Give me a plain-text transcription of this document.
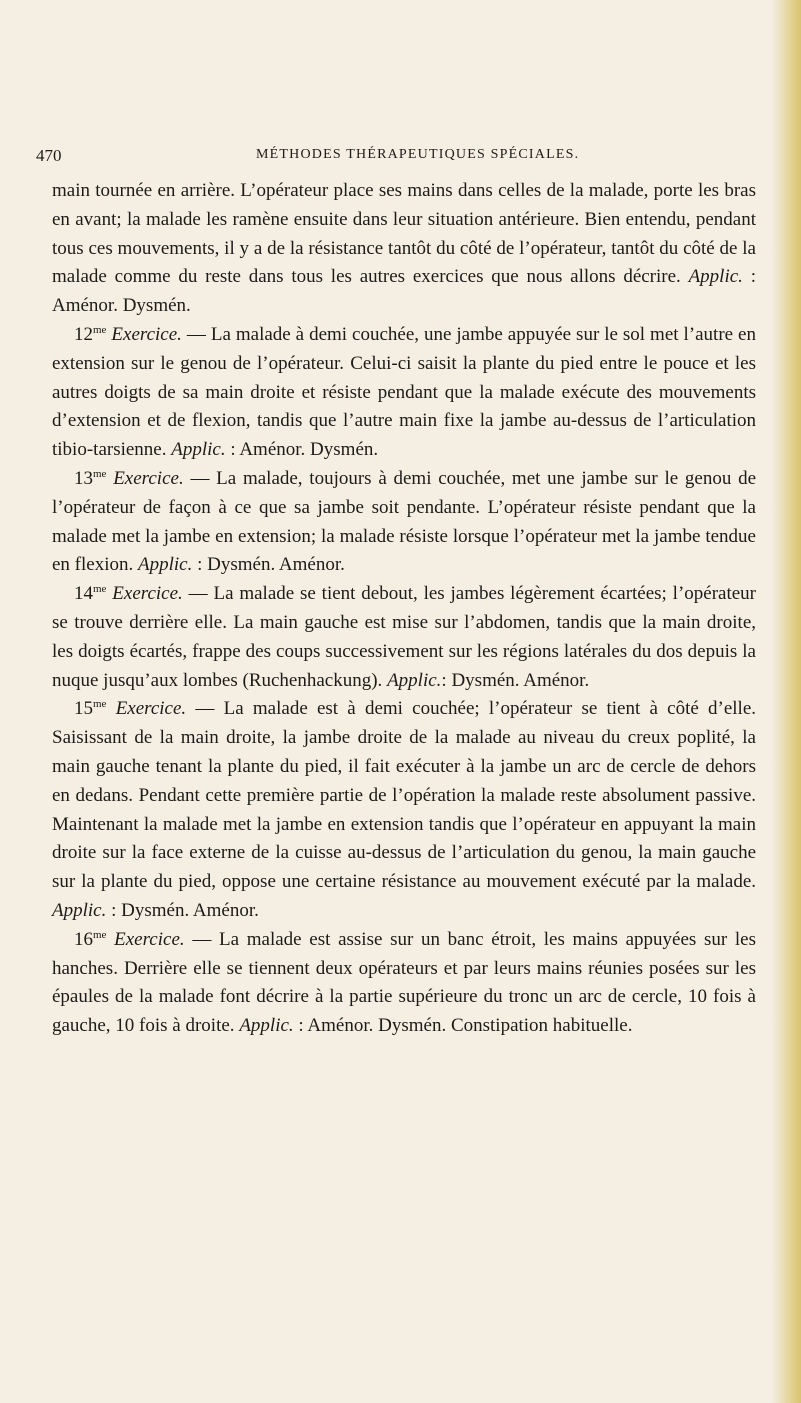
470	MÉTHODES THÉRAPEUTIQUES SPÉCIALES.

main tournée en arrière. L’opérateur place ses mains dans celles de la malade, porte les bras en avant; la malade les ramène ensuite dans leur situation antérieure. Bien entendu, pendant tous ces mouvements, il y a de la résistance tantôt du côté de l’opérateur, tantôt du côté de la malade comme du reste dans tous les autres exercices que nous allons décrire. Applic. : Aménor. Dysmén.

$12^{me}$ Exercice. — La malade à demi couchée, une jambe appuyée sur le sol met l’autre en extension sur le genou de l’opérateur. Celui-ci saisit la plante du pied entre le pouce et les autres doigts de sa main droite et résiste pendant que la malade exécute des mouvements d’extension et de flexion, tandis que l’autre main fixe la jambe au-dessus de l’articulation tibio-tarsienne. Applic. : Aménor. Dysmén.

$13^{me}$ Exercice. — La malade, toujours à demi couchée, met une jambe sur le genou de l’opérateur de façon à ce que sa jambe soit pendante. L’opérateur résiste pendant que la malade met la jambe en extension; la malade résiste lorsque l’opérateur met la jambe tendue en flexion. Applic. : Dysmén. Aménor.

$14^{me}$ Exercice. — La malade se tient debout, les jambes légèrement écartées; l’opérateur se trouve derrière elle. La main gauche est mise sur l’abdomen, tandis que la main droite, les doigts écartés, frappe des coups successivement sur les régions latérales du dos depuis la nuque jusqu’aux lombes (Ruchenhackung). Applic.: Dysmén. Aménor.

$15^{me}$ Exercice. — La malade est à demi couchée; l’opérateur se tient à côté d’elle. Saisissant de la main droite, la jambe droite de la malade au niveau du creux poplité, la main gauche tenant la plante du pied, il fait exécuter à la jambe un arc de cercle de dehors en dedans. Pendant cette première partie de l’opération la malade reste absolument passive. Maintenant la malade met la jambe en extension tandis que l’opérateur en appuyant la main droite sur la face externe de la cuisse au-dessus de l’articulation du genou, la main gauche sur la plante du pied, oppose une certaine résistance au mouvement exécuté par la malade. Applic. : Dysmén. Aménor.

$16^{me}$ Exercice. — La malade est assise sur un banc étroit, les mains appuyées sur les hanches. Derrière elle se tiennent deux opérateurs et par leurs mains réunies posées sur les épaules de la malade font décrire à la partie supérieure du tronc un arc de cercle, 10 fois à gauche, 10 fois à droite. Applic. : Aménor. Dysmén. Constipation habituelle.
